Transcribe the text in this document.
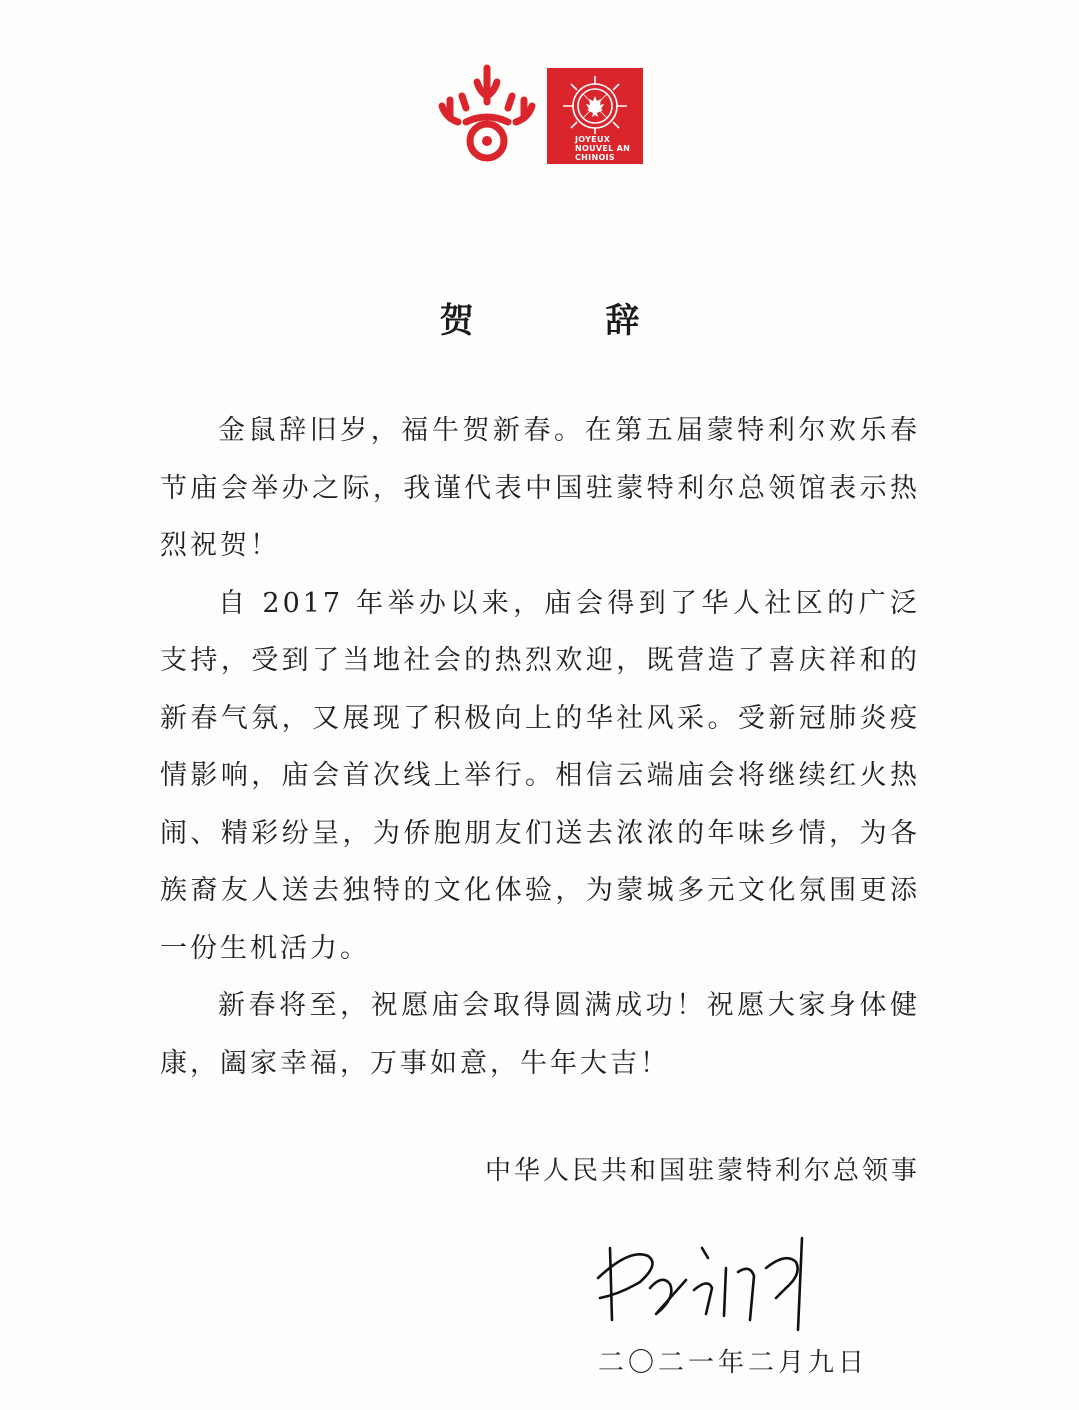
JOYEUX
NOUVEL AN
CHINOIS
贺 辞

金鼠辞旧岁，福牛贺新春。在第五届蒙特利尔欢乐春节庙会举办之际，我谨代表中国驻蒙特利尔总领馆表示热烈祝贺！

自 2017 年举办以来，庙会得到了华人社区的广泛支持，受到了当地社会的热烈欢迎，既营造了喜庆祥和的新春气氛，又展现了积极向上的华社风采。受新冠肺炎疫情影响，庙会首次线上举行。相信云端庙会将继续红火热闹、精彩纷呈，为侨胞朋友们送去浓浓的年味乡情，为各族裔友人送去独特的文化体验，为蒙城多元文化氛围更添一份生机活力。

新春将至，祝愿庙会取得圆满成功！祝愿大家身体健康，阖家幸福，万事如意，牛年大吉！

中华人民共和国驻蒙特利尔总领事
二〇二一年二月九日
